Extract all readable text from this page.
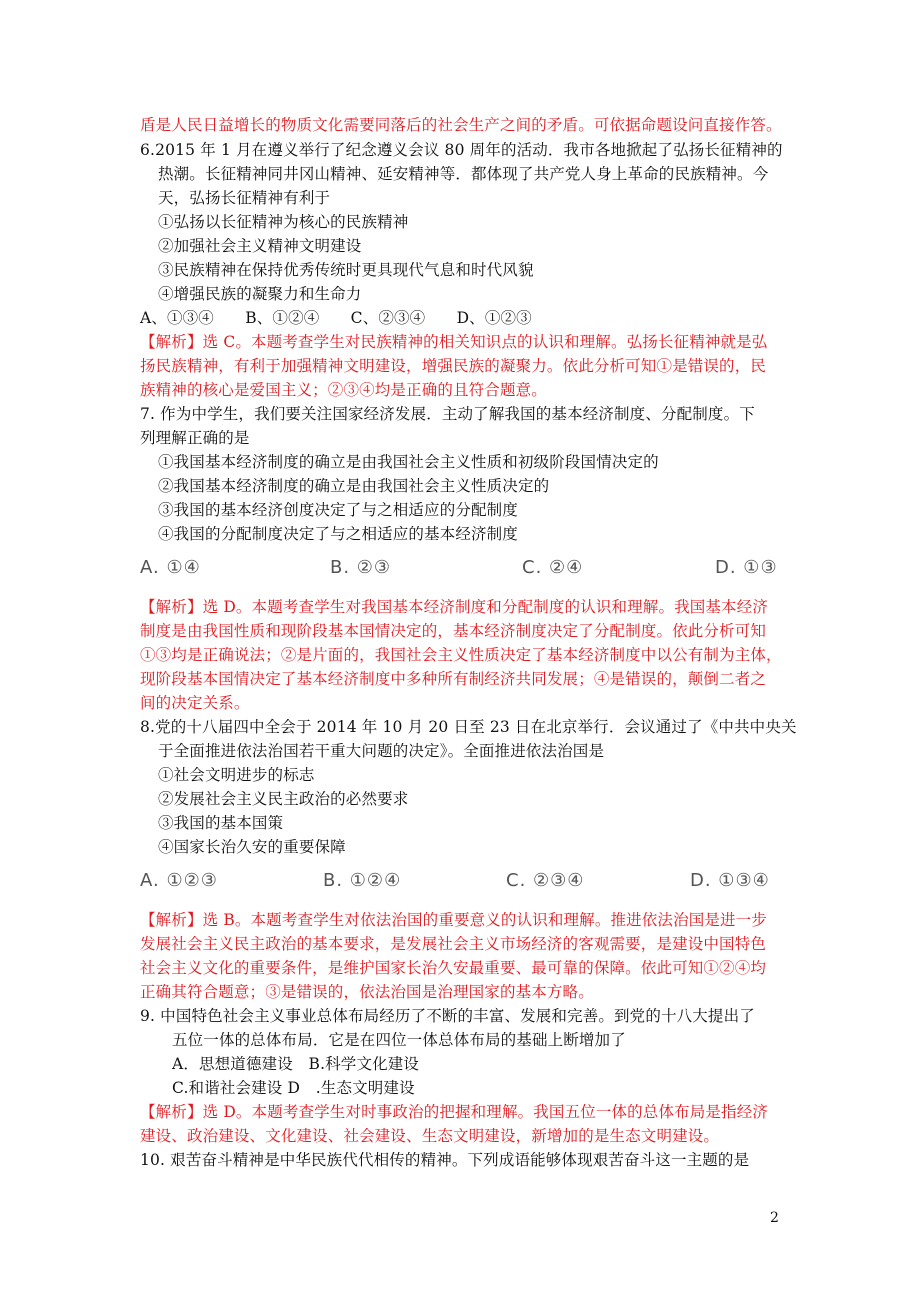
盾是人民日益增长的物质文化需要同落后的社会生产之间的矛盾。可依据命题设问直接作答。
6.2015 年 1 月在遵义举行了纪念遵义会议 80 周年的活动．我市各地掀起了弘扬长征精神的
热潮。长征精神同井冈山精神、延安精神等．都体现了共产党人身上革命的民族精神。今
天，弘扬长征精神有利于
①弘扬以长征精神为核心的民族精神
②加强社会主义精神文明建设
③民族精神在保持优秀传统时更具现代气息和时代风貌
④增强民族的凝聚力和生命力
A、①③④　　B、①②④　　C、②③④　　D、①②③
【解析】选 C。本题考查学生对民族精神的相关知识点的认识和理解。弘扬长征精神就是弘
扬民族精神，有利于加强精神文明建设，增强民族的凝聚力。依此分析可知①是错误的，民
族精神的核心是爱国主义；②③④均是正确的且符合题意。
7. 作为中学生，我们要关注国家经济发展．主动了解我国的基本经济制度、分配制度。下
列理解正确的是
①我国基本经济制度的确立是由我国社会主义性质和初级阶段国情决定的
②我国基本经济制度的确立是由我国社会主义性质决定的
③我国的基本经济创度决定了与之相适应的分配制度
④我国的分配制度决定了与之相适应的基本经济制度
A. ①④	B. ②③	C. ②④	D. ①③
【解析】选 D。本题考查学生对我国基本经济制度和分配制度的认识和理解。我国基本经济
制度是由我国性质和现阶段基本国情决定的，基本经济制度决定了分配制度。依此分析可知
①③均是正确说法；②是片面的，我国社会主义性质决定了基本经济制度中以公有制为主体，
现阶段基本国情决定了基本经济制度中多种所有制经济共同发展；④是错误的，颠倒二者之
间的决定关系。
8.党的十八届四中全会于 2014 年 10 月 20 日至 23 日在北京举行．会议通过了《中共中央关
于全面推进依法治国若干重大问题的决定》。全面推进依法治国是
①社会文明进步的标志
②发展社会主义民主政治的必然要求
③我国的基本国策
④国家长治久安的重要保障
A. ①②③	B. ①②④	C. ②③④	D. ①③④
【解析】选 B。本题考查学生对依法治国的重要意义的认识和理解。推进依法治国是进一步
发展社会主义民主政治的基本要求，是发展社会主义市场经济的客观需要，是建设中国特色
社会主义文化的重要条件，是维护国家长治久安最重要、最可靠的保障。依此可知①②④均
正确其符合题意；③是错误的，依法治国是治理国家的基本方略。
9. 中国特色社会主义事业总体布局经历了不断的丰富、发展和完善。到党的十八大提出了
五位一体的总体布局．它是在四位一体总体布局的基础上断增加了
A．思想道德建设　B.科学文化建设
C.和谐社会建设 D　.生态文明建设
【解析】选 D。本题考查学生对时事政治的把握和理解。我国五位一体的总体布局是指经济
建设、政治建设、文化建设、社会建设、生态文明建设，新增加的是生态文明建设。
10. 艰苦奋斗精神是中华民族代代相传的精神。下列成语能够体现艰苦奋斗这一主题的是
2
